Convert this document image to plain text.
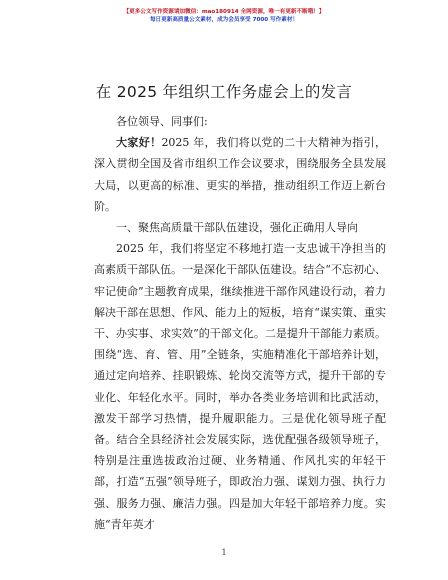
【更多公文写作资源请加微信：mao180914 全网资源，唯一有更新不断哦！】
每日更新高质量公文素材，成为会员享受 7000 写作素材！
在 2025 年组织工作务虚会上的发言

各位领导、同事们:

大家好！2025 年，我们将以党的二十大精神为指引，深入贯彻全国及省市组织工作会议要求，围绕服务全县发展大局，以更高的标准、更实的举措，推动组织工作迈上新台阶。

一、聚焦高质量干部队伍建设，强化正确用人导向

2025 年，我们将坚定不移地打造一支忠诚干净担当的高素质干部队伍。一是深化干部队伍建设。结合“不忘初心、牢记使命”主题教育成果，继续推进干部作风建设行动，着力解决干部在思想、作风、能力上的短板，培育“谋实策、重实干、办实事、求实效”的干部文化。二是提升干部能力素质。围绕“选、育、管、用”全链条，实施精准化干部培养计划，通过定向培养、挂职锻炼、轮岗交流等方式，提升干部的专业化、年轻化水平。同时，举办各类业务培训和比武活动，激发干部学习热情，提升履职能力。三是优化领导班子配备。结合全县经济社会发展实际，选优配强各级领导班子，特别是注重选拔政治过硬、业务精通、作风扎实的年轻干部，打造“五强”领导班子，即政治力强、谋划力强、执行力强、服务力强、廉洁力强。四是加大年轻干部培养力度。实施“青年英才

1
